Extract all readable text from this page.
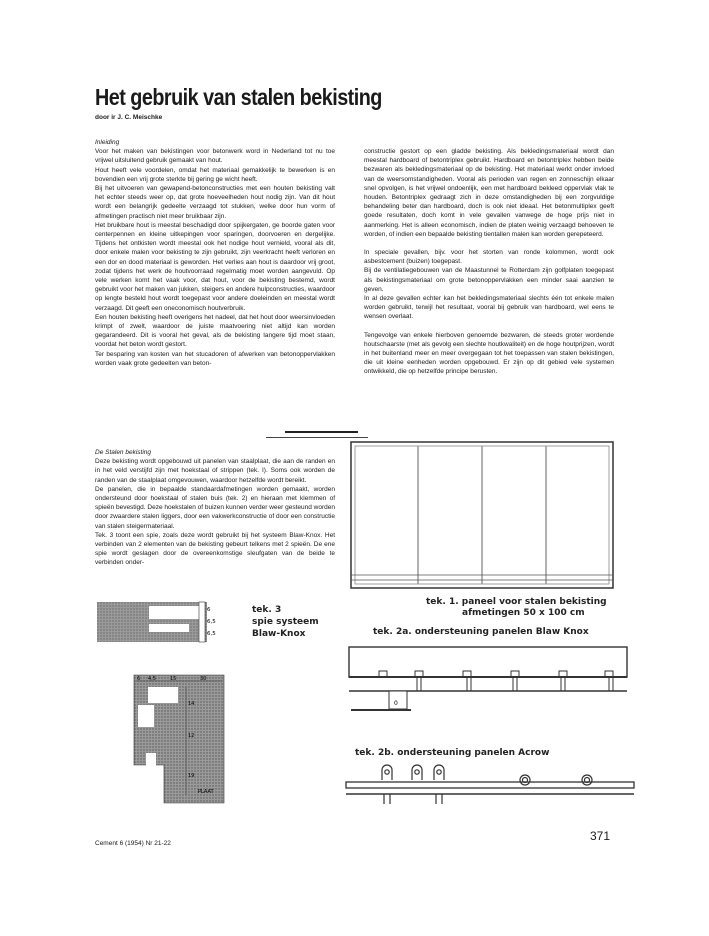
Het gebruik van stalen bekisting
door ir J. C. Meischke

Inleiding

Voor het maken van bekistingen voor betonwerk word in Nederland tot nu toe vrijwel uitsluitend gebruik gemaakt van hout.

Hout heeft vele voordelen, omdat het materiaal gemakkelijk te bewerken is en bovendien een vrij grote sterkte bij gering ge wicht heeft.

Bij het uitvoeren van gewapend-betonconstructies met een houten bekisting valt het echter steeds weer op, dat grote hoeveelheden hout nodig zijn. Van dit hout wordt een belangrijk gedeelte verzaagd tot stukken, welke door hun vorm of afmetingen practisch niet meer bruikbaar zijn.

Het bruikbare hout is meestal beschadigd door spijkergaten, ge boorde gaten voor centerpennen en kleine uitkepingen voor sparingen, doorvoeren en dergelijke. Tijdens het ontkisten wordt meestal ook het nodige hout vernield, vooral als dit, door enkele malen voor bekisting te zijn gebruikt, zijn veerkracht heeft verloren en een dor en dood materiaal is geworden. Het verlies aan hout is daardoor vrij groot, zodat tijdens het werk de houtvoorraad regelmatig moet worden aangevuld. Op vele werken komt het vaak voor, dat hout, voor de bekisting bestemd, wordt gebruikt voor het maken van jukken, steigers en andere hulpconstructies, waardoor op lengte besteld hout wordt toegepast voor andere doeleinden en meestal wordt verzaagd. Dit geeft een oneconomisch houtverbruik.

Een houten bekisting heeft overigens het nadeel, dat het hout door weersinvloeden krimpt of zwelt, waardoor de juiste maatvoering niet altijd kan worden gegarandeerd. Dit is vooral het geval, als de bekisting langere tijd moet staan, voordat het beton wordt gestort.

Ter besparing van kosten van het stucadoren of afwerken van betonoppervlakken worden vaak grote gedeelten van beton-

constructie gestort op een gladde bekisting. Als bekledingsmateriaal wordt dan meestal hardboard of betontriplex gebruikt. Hardboard en betontriplex hebben beide bezwaren als bekledingsmateriaal op de bekisting. Het materiaal werkt onder invloed van de weersomstandigheden. Vooral als perioden van regen en zonneschijn elkaar snel opvolgen, is het vrijwel ondoenlijk, een met hardboard bekleed oppervlak vlak te houden. Betontriplex gedraagt zich in deze omstandigheden bij een zorgvuldige behandeling beter dan hardboard, doch is ook niet ideaal. Het betonmultiplex geeft goede resultaten, doch komt in vele gevallen vanwege de hoge prijs niet in aanmerking. Het is alleen economisch, indien de platen weinig verzaagd behoeven te worden, of indien een bepaalde bekisting tientallen malen kan worden gerepeteerd.

In speciale gevallen, bijv. voor het storten van ronde kolommen, wordt ook asbestcement (buizen) toegepast.

Bij de ventilatiegebouwen van de Maastunnel te Rotterdam zijn golfplaten toegepast als bekistingsmateriaal om grote betonoppervlakken een minder saai aanzien te geven.

In al deze gevallen echter kan het bekledingsmateriaal slechts één tot enkele malen worden gebruikt, terwijl het resultaat, vooral bij gebruik van hardboard, wel eens te wensen overlaat.

Tengevolge van enkele hierboven genoemde bezwaren, de steeds groter wordende houtschaarste (met als gevolg een slechte houtkwaliteit) en de hoge houtprijzen, wordt in het buitenland meer en meer overgegaan tot het toepassen van stalen bekistingen, die uit kleine eenheden worden opgebouwd. Er zijn op dit gebied vele systemen ontwikkeld, die op hetzelfde principe berusten.

De Stalen bekisting

Deze bekisting wordt opgebouwd uit panelen van staalplaat, die aan de randen en in het veld verstijfd zijn met hoekstaal of strippen (tek. I). Soms ook worden de randen van de staalplaat omgevouwen, waardoor hetzelfde wordt bereikt.

De panelen, die in bepaalde standaardafmetingen worden gemaakt, worden ondersteund door hoekstaal of stalen buis (tek. 2) en hieraan met klemmen of spieën bevestigd. Deze hoekstalen of buizen kunnen verder weer gesteund worden door zwaardere stalen liggers, door een vakwerkconstructie of door een constructie van stalen steigermateriaal.

Tek. 3 toont een spie, zoals deze wordt gebruikt bij het systeem Blaw-Knox. Het verbinden van 2 elementen van de bekisting gebeurt telkens met 2 spieën. De ene spie wordt geslagen door de overeenkomstige sleufgaten van de beide te verbinden onder-

6
6,5
6,5
tek. 3
spie systeem
Blaw-Knox
6 4,5	15	30
14
12
19
PLAAT
tek. 1. paneel voor stalen bekisting
afmetingen 50 x 100 cm
tek. 2a. ondersteuning panelen Blaw Knox
0
tek. 2b. ondersteuning panelen Acrow
Cement 6 (1954) Nr 21-22
371
